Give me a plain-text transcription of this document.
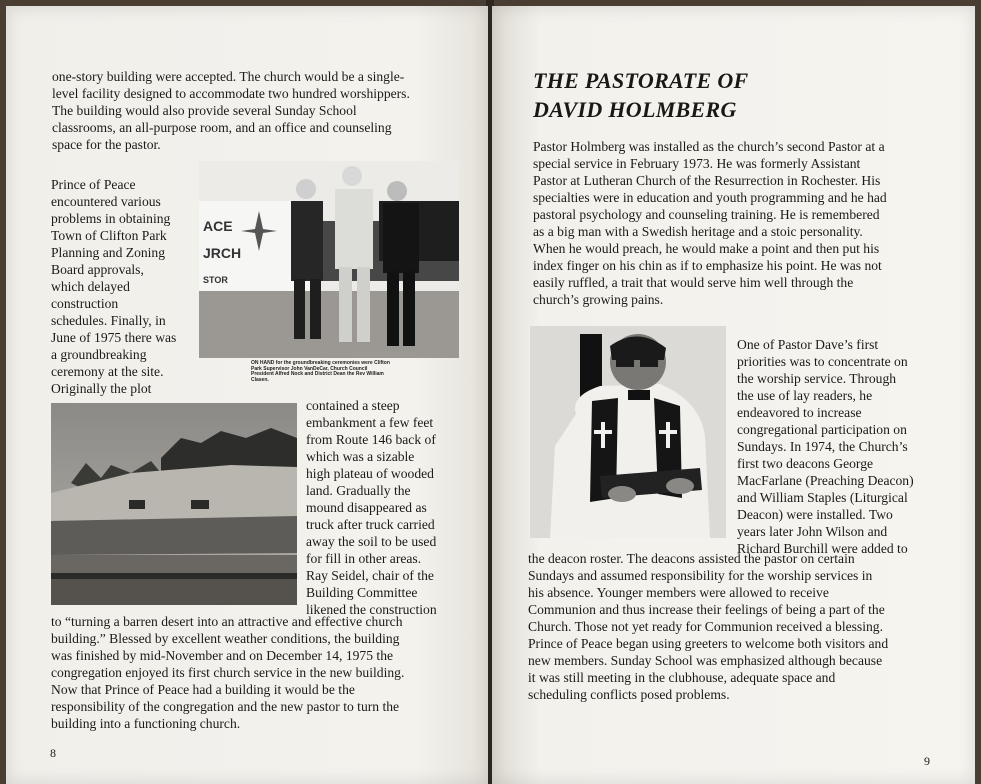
one-story building were accepted. The church would be a single-
level facility designed to accommodate two hundred worshippers.
The building would also provide several Sunday School
classrooms, an all-purpose room, and an office and counseling
space for the pastor.
Prince of Peace
encountered various
problems in obtaining
Town of Clifton Park
Planning and Zoning
Board approvals,
which delayed
construction
schedules. Finally, in
June of 1975 there was
a groundbreaking
ceremony at the site.
Originally the plot
ACE
JRCH
STOR
ON HAND for the groundbreaking ceremonies were Clifton Park Supervisor John VanDeCar, Church Council President Alfred Nock and District Dean the Rev William Clasen.
contained a steep
embankment a few feet
from Route 146 back of
which was a sizable
high plateau of wooded
land. Gradually the
mound disappeared as
truck after truck carried
away the soil to be used
for fill in other areas.
Ray Seidel, chair of the
Building Committee
likened the construction
to “turning a barren desert into an attractive and effective church
building.” Blessed by excellent weather conditions, the building
was finished by mid-November and on December 14, 1975 the
congregation enjoyed its first church service in the new building.
Now that Prince of Peace had a building it would be the
responsibility of the congregation and the new pastor to turn the
building into a functioning church.
8
THE PASTORATE OF
DAVID HOLMBERG
Pastor Holmberg was installed as the church’s second Pastor at a
special service in February 1973. He was formerly Assistant
Pastor at Lutheran Church of the Resurrection in Rochester. His
specialties were in education and youth programming and he had
pastoral psychology and counseling training. He is remembered
as a big man with a Swedish heritage and a stoic personality.
When he would preach, he would make a point and then put his
index finger on his chin as if to emphasize his point. He was not
easily ruffled, a trait that would serve him well through the
church’s growing pains.
One of Pastor Dave’s first
priorities was to concentrate on
the worship service. Through
the use of lay readers, he
endeavored to increase
congregational participation on
Sundays. In 1974, the Church’s
first two deacons George
MacFarlane (Preaching Deacon)
and William Staples (Liturgical
Deacon) were installed. Two
years later John Wilson and
Richard Burchill were added to
the deacon roster. The deacons assisted the pastor on certain
Sundays and assumed responsibility for the worship services in
his absence. Younger members were allowed to receive
Communion and thus increase their feelings of being a part of the
Church. Those not yet ready for Communion received a blessing.
Prince of Peace began using greeters to welcome both visitors and
new members. Sunday School was emphasized although because
it was still meeting in the clubhouse, adequate space and
scheduling conflicts posed problems.
9
